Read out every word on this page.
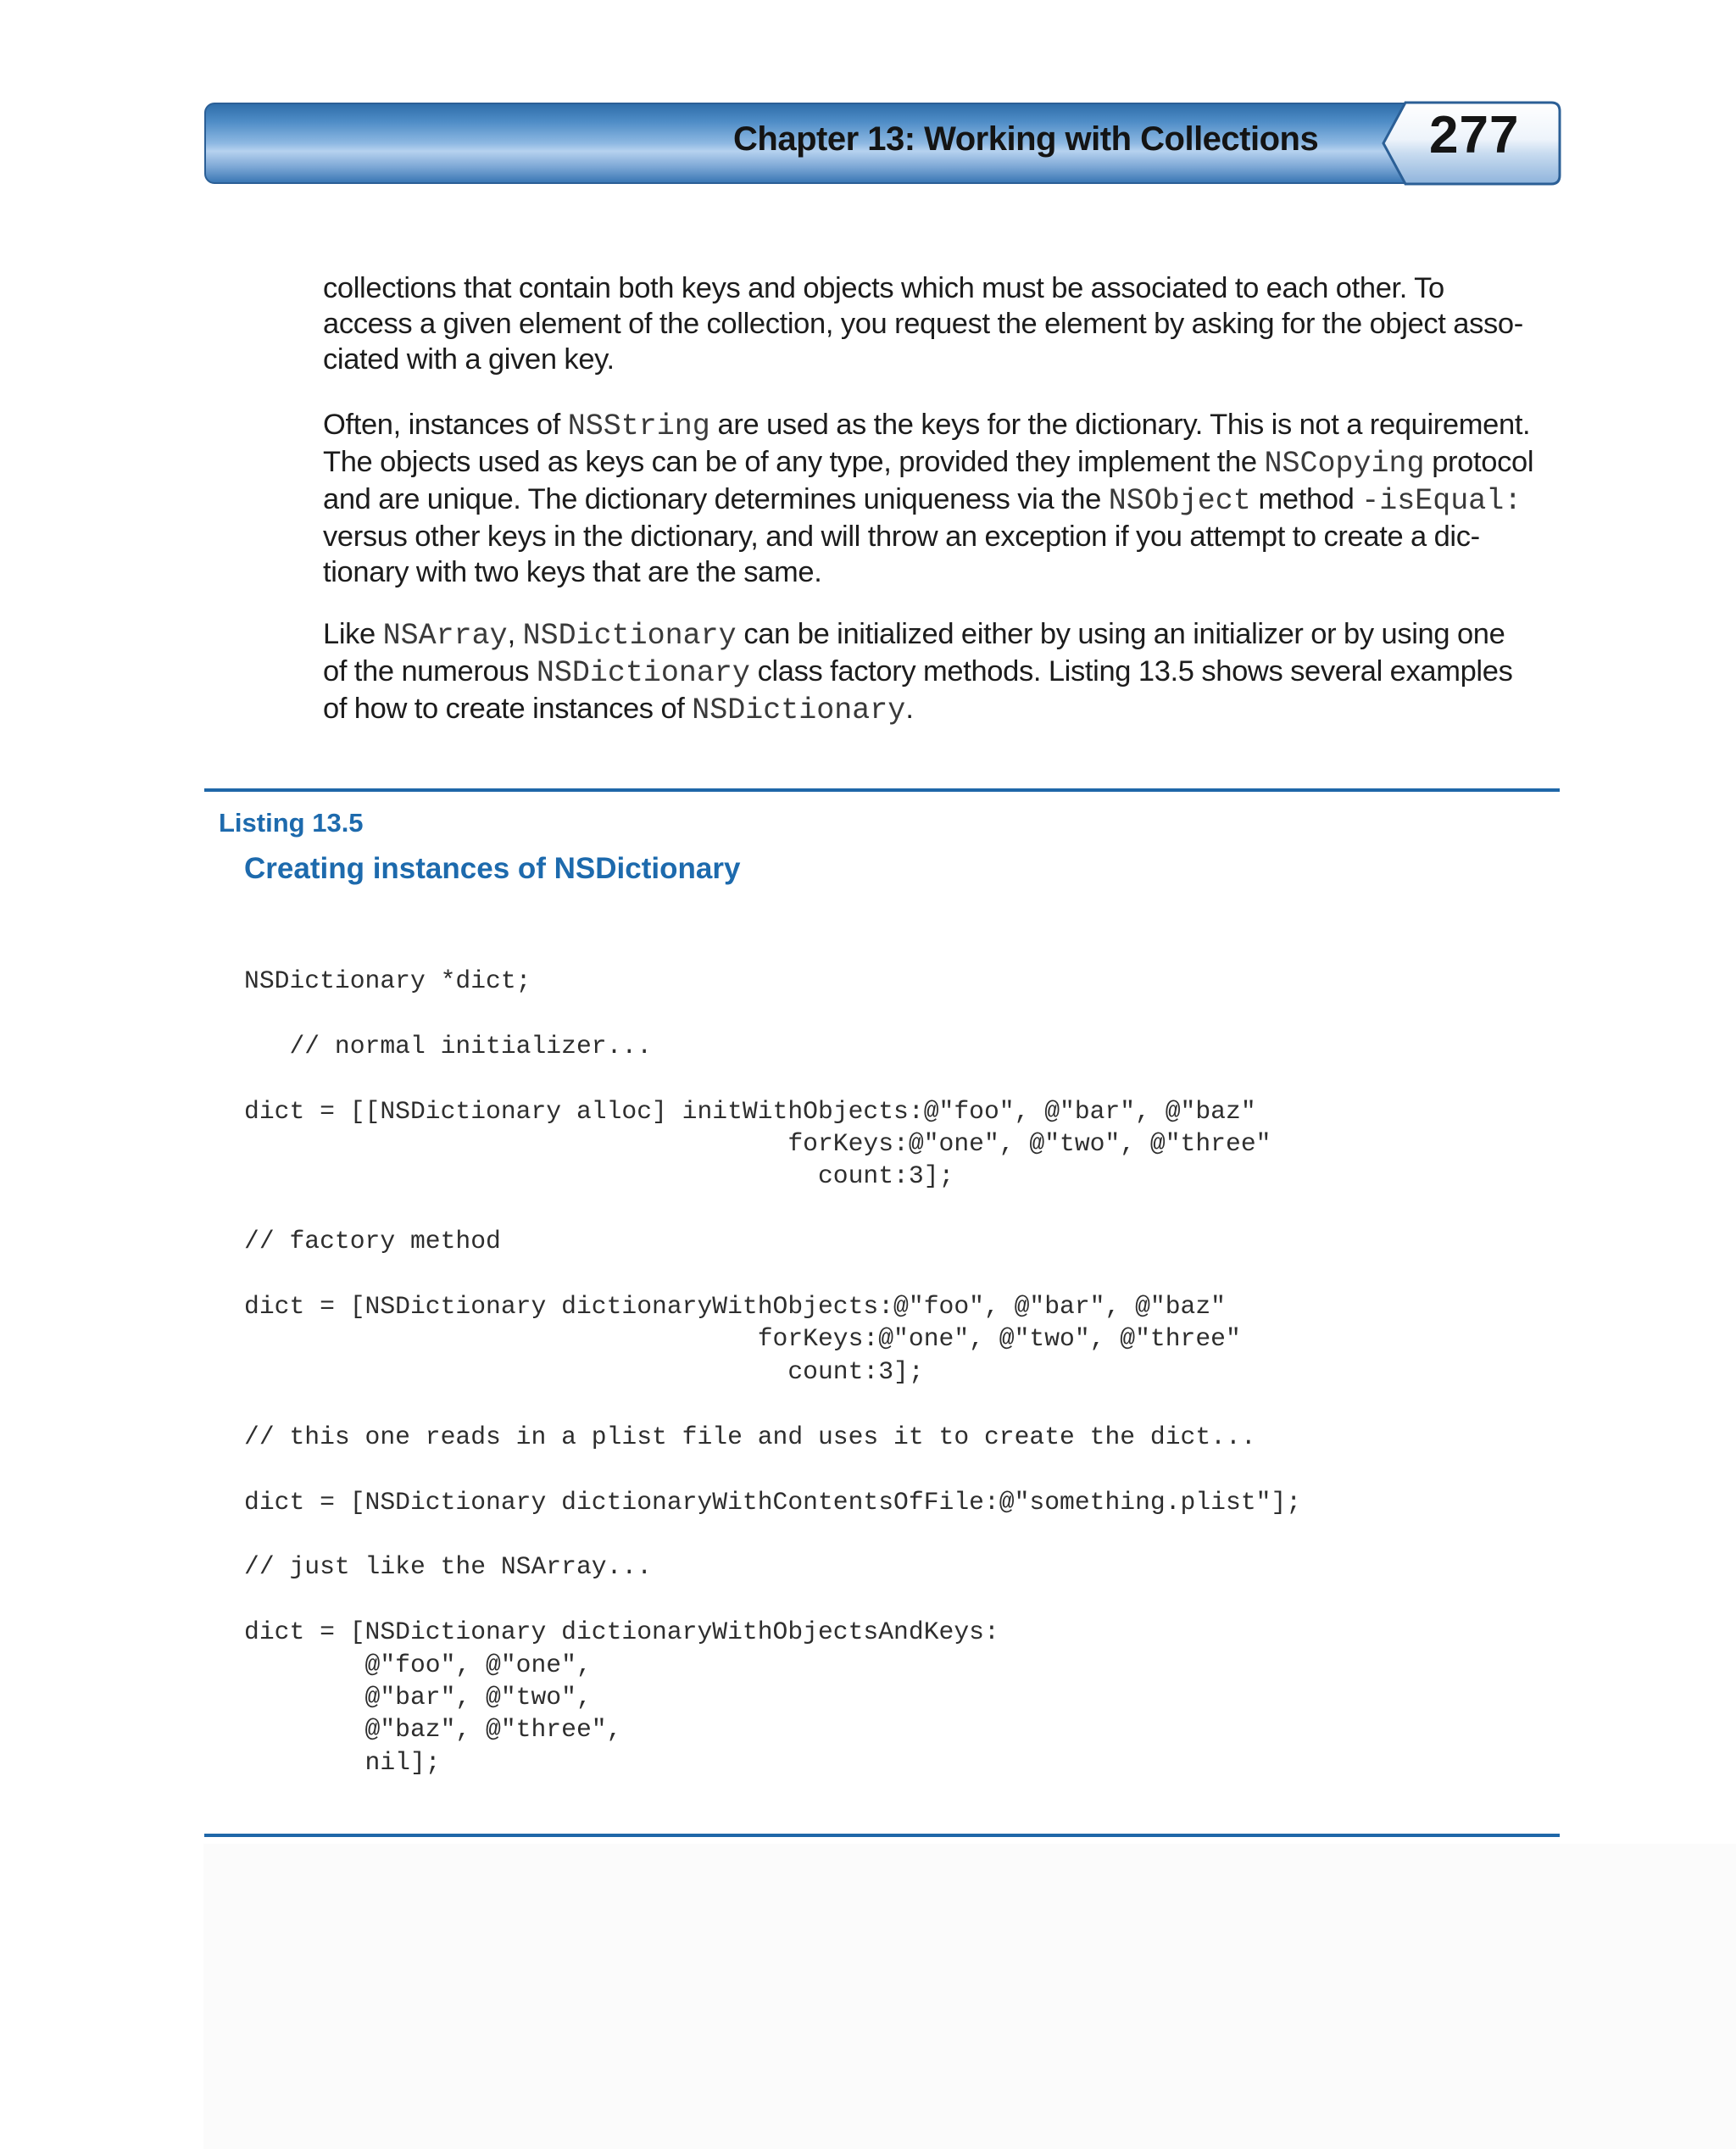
Chapter 13: Working with Collections 277
collections that contain both keys and objects which must be associated to each other. To
access a given element of the collection, you request the element by asking for the object asso-
ciated with a given key.
Often, instances of NSString are used as the keys for the dictionary. This is not a requirement.
The objects used as keys can be of any type, provided they implement the NSCopying protocol
and are unique. The dictionary determines uniqueness via the NSObject method -isEqual:
versus other keys in the dictionary, and will throw an exception if you attempt to create a dic-
tionary with two keys that are the same.
Like NSArray, NSDictionary can be initialized either by using an initializer or by using one
of the numerous NSDictionary class factory methods. Listing 13.5 shows several examples
of how to create instances of NSDictionary.
Listing 13.5
Creating instances of NSDictionary
NSDictionary *dict;

// normal initializer...

dict = [[NSDictionary alloc] initWithObjects:@"foo", @"bar", @"baz"
forKeys:@"one", @"two", @"three"
count:3];

// factory method

dict = [NSDictionary dictionaryWithObjects:@"foo", @"bar", @"baz"
forKeys:@"one", @"two", @"three"
count:3];

// this one reads in a plist file and uses it to create the dict...

dict = [NSDictionary dictionaryWithContentsOfFile:@"something.plist"];

// just like the NSArray...

dict = [NSDictionary dictionaryWithObjectsAndKeys:
@"foo", @"one",
@"bar", @"two",
@"baz", @"three",
nil];
